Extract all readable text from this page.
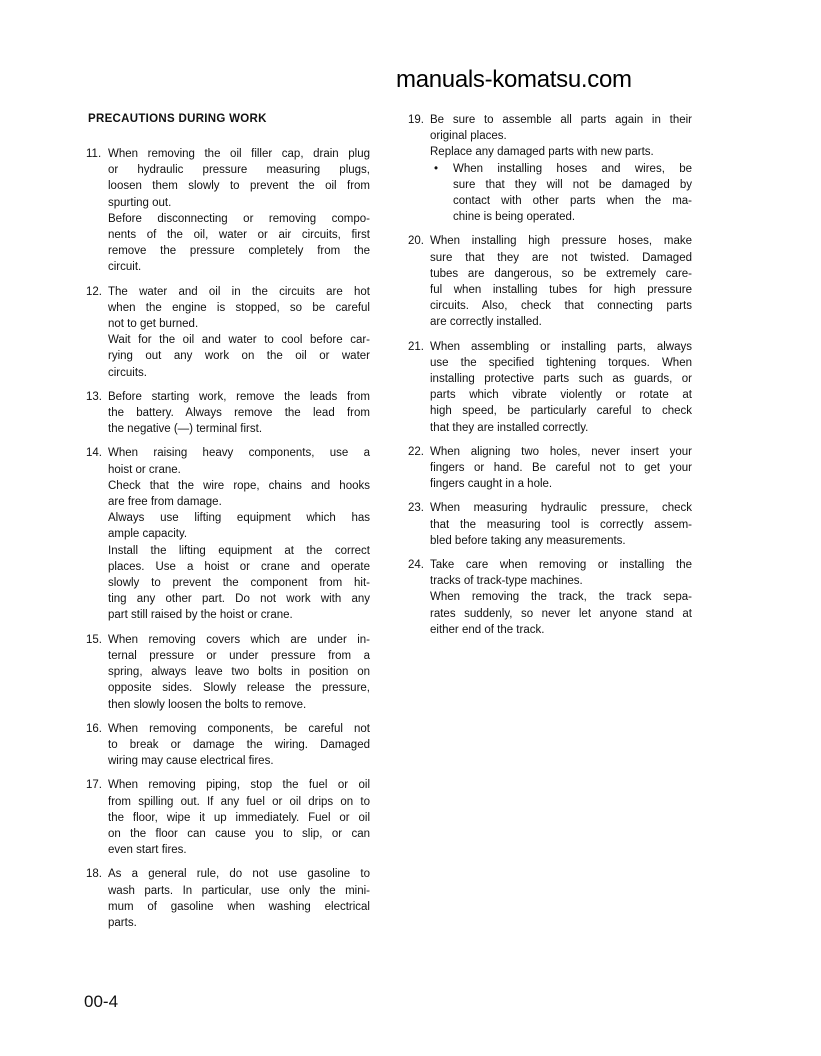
PRECAUTIONS DURING WORK
11. When removing the oil filler cap, drain plug
or hydraulic pressure measuring plugs,
loosen them slowly to prevent the oil from
spurting out.
Before disconnecting or removing compo-
nents of the oil, water or air circuits, first
remove the pressure completely from the
circuit.
12. The water and oil in the circuits are hot
when the engine is stopped, so be careful
not to get burned.
Wait for the oil and water to cool before car-
rying out any work on the oil or water
circuits.
13. Before starting work, remove the leads from
the battery. Always remove the lead from
the negative (—) terminal first.
14. When raising heavy components, use a
hoist or crane.
Check that the wire rope, chains and hooks
are free from damage.
Always use lifting equipment which has
ample capacity.
Install the lifting equipment at the correct
places. Use a hoist or crane and operate
slowly to prevent the component from hit-
ting any other part. Do not work with any
part still raised by the hoist or crane.
15. When removing covers which are under in-
ternal pressure or under pressure from a
spring, always leave two bolts in position on
opposite sides. Slowly release the pressure,
then slowly loosen the bolts to remove.
16. When removing components, be careful not
to break or damage the wiring. Damaged
wiring may cause electrical fires.
17. When removing piping, stop the fuel or oil
from spilling out. If any fuel or oil drips on to
the floor, wipe it up immediately. Fuel or oil
on the floor can cause you to slip, or can
even start fires.
18. As a general rule, do not use gasoline to
wash parts. In particular, use only the mini-
mum of gasoline when washing electrical
parts.
19. Be sure to assemble all parts again in their
original places.
Replace any damaged parts with new parts.
• When installing hoses and wires, be
sure that they will not be damaged by
contact with other parts when the ma-
chine is being operated.
20. When installing high pressure hoses, make
sure that they are not twisted. Damaged
tubes are dangerous, so be extremely care-
ful when installing tubes for high pressure
circuits. Also, check that connecting parts
are correctly installed.
21. When assembling or installing parts, always
use the specified tightening torques. When
installing protective parts such as guards, or
parts which vibrate violently or rotate at
high speed, be particularly careful to check
that they are installed correctly.
22. When aligning two holes, never insert your
fingers or hand. Be careful not to get your
fingers caught in a hole.
23. When measuring hydraulic pressure, check
that the measuring tool is correctly assem-
bled before taking any measurements.
24. Take care when removing or installing the
tracks of track-type machines.
When removing the track, the track sepa-
rates suddenly, so never let anyone stand at
either end of the track.
manuals-komatsu.com
00-4
